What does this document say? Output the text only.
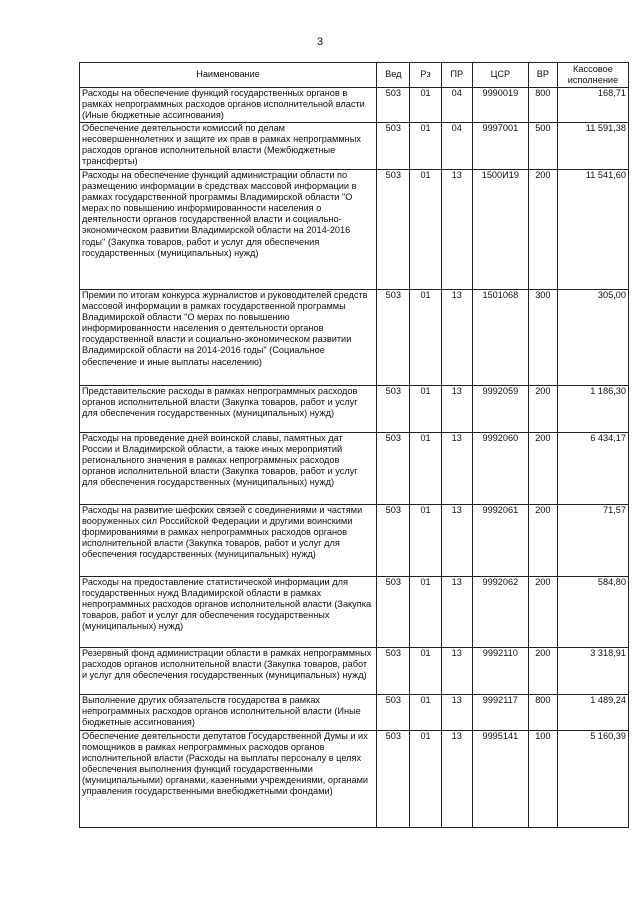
3
Наименование	Вед	Рз	ПР	ЦСР	ВР	Кассовое исполнение
Расходы на обеспечение функций государственных органов в рамках непрограммных расходов органов исполнительной власти (Иные бюджетные ассигнования)	503	01	04	9990019	800	168,71
Обеспечение деятельности комиссий по делам несовершеннолетних и защите их прав в рамках непрограммных расходов органов исполнительной власти (Межбюджетные трансферты)	503	01	04	9997001	500	11 591,38
Расходы на обеспечение функций администрации области по размещению информации в средствах массовой информации в рамках государственной программы Владимирской области "О мерах по повышению информированности населения о деятельности органов государственной власти и социально-экономическом развитии Владимирской области на 2014-2016 годы" (Закупка товаров, работ и услуг для обеспечения государственных (муниципальных) нужд)	503	01	13	1500И19	200	11 541,60
Премии по итогам конкурса журналистов и руководителей средств массовой информации в рамках государственной программы Владимирской области "О мерах по повышению информированности населения о деятельности органов государственной власти и социально-экономическом развитии Владимирской области на 2014-2016 годы" (Социальное обеспечение и иные выплаты населению)	503	01	13	1501068	300	305,00
Представительские расходы в рамках непрограммных расходов органов исполнительной власти (Закупка товаров, работ и услуг для обеспечения государственных (муниципальных) нужд)	503	01	13	9992059	200	1 186,30
Расходы на проведение дней воинской славы, памятных дат России и Владимирской области, а также иных мероприятий регионального значения в рамках непрограммных расходов органов исполнительной власти (Закупка товаров, работ и услуг для обеспечения государственных (муниципальных) нужд)	503	01	13	9992060	200	6 434,17
Расходы на развитие шефских связей с соединениями и частями вооруженных сил Российской Федерации и другими воинскими формированиями в рамках непрограммных расходов органов исполнительной власти (Закупка товаров, работ и услуг для обеспечения государственных (муниципальных) нужд)	503	01	13	9992061	200	71,57
Расходы на предоставление статистической информации для государственных нужд Владимирской области в рамках непрограммных расходов органов исполнительной власти (Закупка товаров, работ и услуг для обеспечения государственных (муниципальных) нужд)	503	01	13	9992062	200	584,80
Резервный фонд администрации области в рамках непрограммных расходов органов исполнительной власти (Закупка товаров, работ и услуг для обеспечения государственных (муниципальных) нужд)	503	01	13	9992110	200	3 318,91
Выполнение других обязательств государства в рамках непрограммных расходов органов исполнительной власти (Иные бюджетные ассигнования)	503	01	13	9992117	800	1 489,24
Обеспечение деятельности депутатов Государственной Думы и их помощников в рамках непрограммных расходов органов исполнительной власти (Расходы на выплаты персоналу в целях обеспечения выполнения функций государственными (муниципальными) органами, казенными учреждениями, органами управления государственными внебюджетными фондами)	503	01	13	9995141	100	5 160,39
